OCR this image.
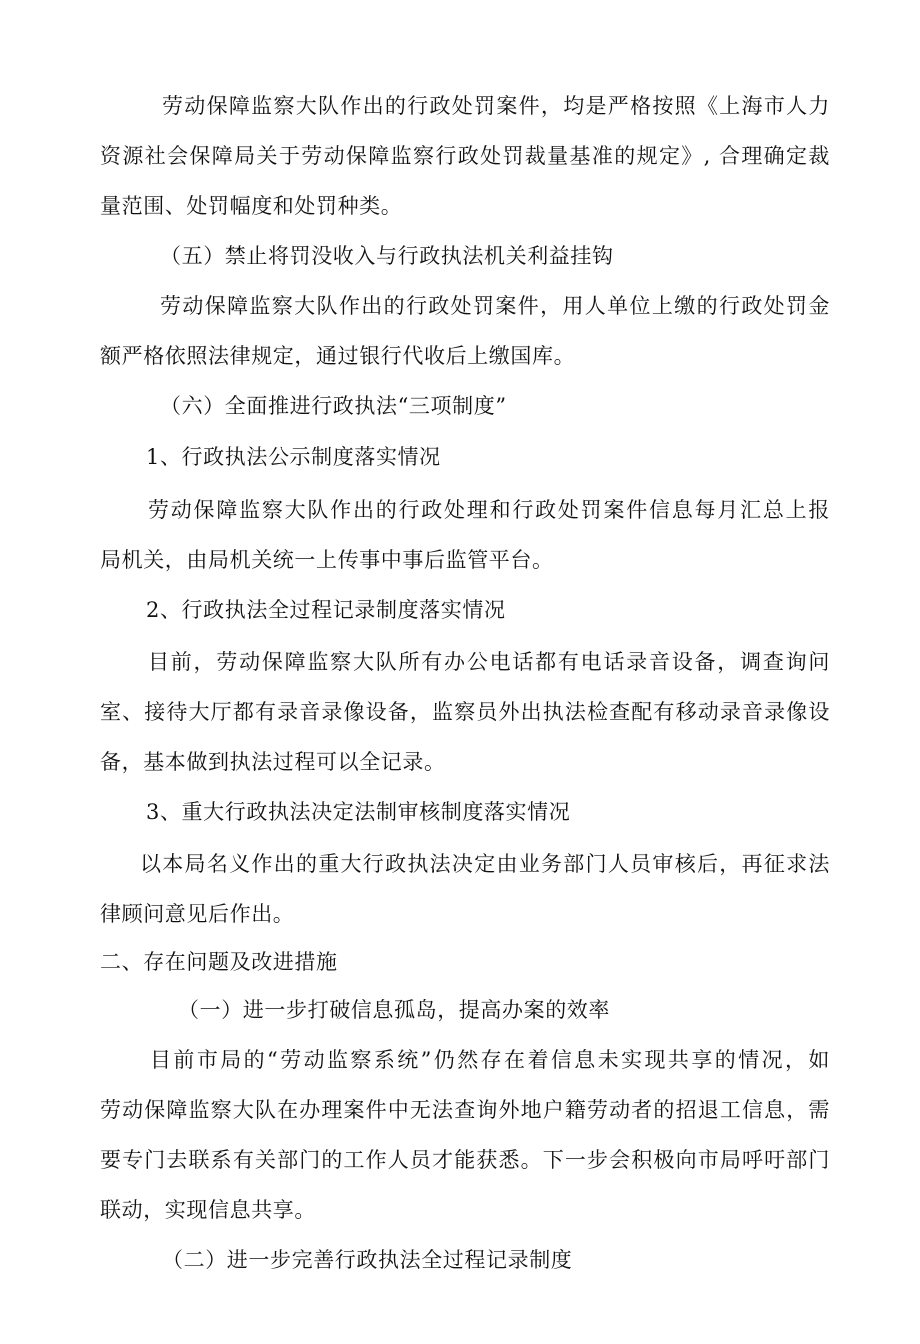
劳动保障监察大队作出的行政处罚案件，均是严格按照《上海市人力
资源社会保障局关于劳动保障监察行政处罚裁量基准的规定》, 合理确定裁
量范围、处罚幅度和处罚种类。
（五）禁止将罚没收入与行政执法机关利益挂钩
劳动保障监察大队作出的行政处罚案件，用人单位上缴的行政处罚金
额严格依照法律规定，通过银行代收后上缴国库。
（六）全面推进行政执法“三项制度”
1、行政执法公示制度落实情况
劳动保障监察大队作出的行政处理和行政处罚案件信息每月汇总上报
局机关，由局机关统一上传事中事后监管平台。
2、行政执法全过程记录制度落实情况
目前，劳动保障监察大队所有办公电话都有电话录音设备，调查询问
室、接待大厅都有录音录像设备，监察员外出执法检查配有移动录音录像设
备，基本做到执法过程可以全记录。
3、重大行政执法决定法制审核制度落实情况
以本局名义作出的重大行政执法决定由业务部门人员审核后，再征求法
律顾问意见后作出。
二、存在问题及改进措施
（一）进一步打破信息孤岛，提高办案的效率
目前市局的“劳动监察系统”仍然存在着信息未实现共享的情况，如
劳动保障监察大队在办理案件中无法查询外地户籍劳动者的招退工信息，需
要专门去联系有关部门的工作人员才能获悉。下一步会积极向市局呼吁部门
联动，实现信息共享。
（二）进一步完善行政执法全过程记录制度
